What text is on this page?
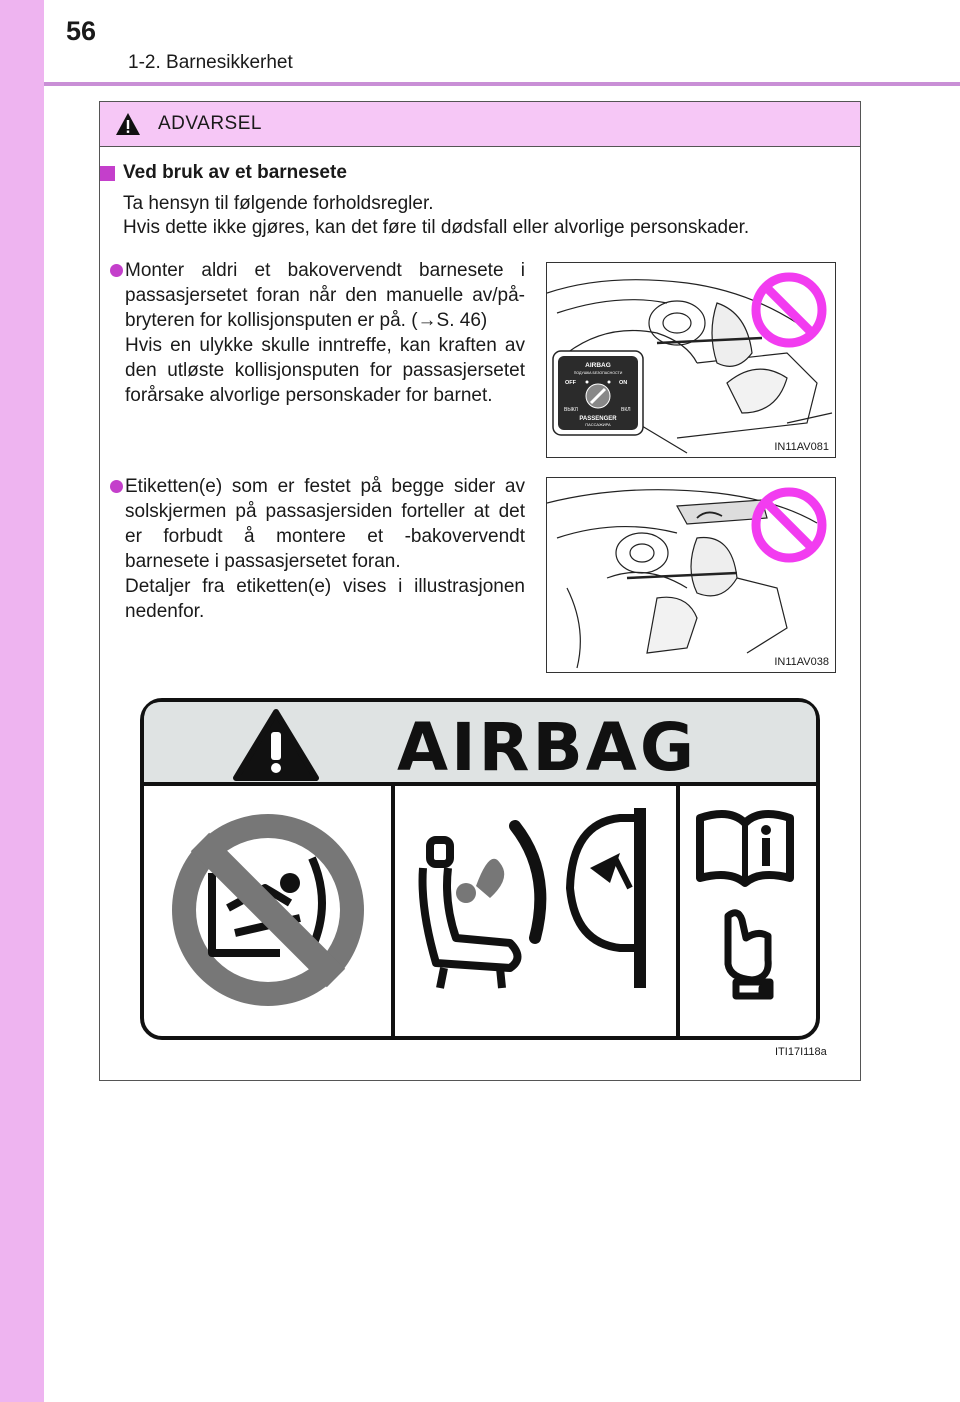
56
1-2. Barnesikkerhet
ADVARSEL
Ved bruk av et barnesete

Ta hensyn til følgende forholdsregler.

Hvis dette ikke gjøres, kan det føre til dødsfall eller alvorlige personskader.

Monter aldri et bakovervendt barnesete i passasjersetet foran når den manuelle av/på-bryteren for kollisjonsputen er på. (→S. 46)

Hvis en ulykke skulle inntreffe, kan kraften av den utløste kollisjonsputen for passasjersetet forårsake alvorlige personskader for barnet.

AIRBAG
ПОДУШКА БЕЗОПАСНОСТИ
OFF	ON
ВЫКЛ	ВКЛ
PASSENGER
ПАССАЖИРА
IN11AV081

Etiketten(e) som er festet på begge sider av solskjermen på passasjersiden forteller at det er forbudt å montere et -bakovervendt barnesete i passasjersetet foran.

Detaljer fra etiketten(e) vises i illustrasjonen nedenfor.

IN11AV038
AIRBAG
ITI17I118a
